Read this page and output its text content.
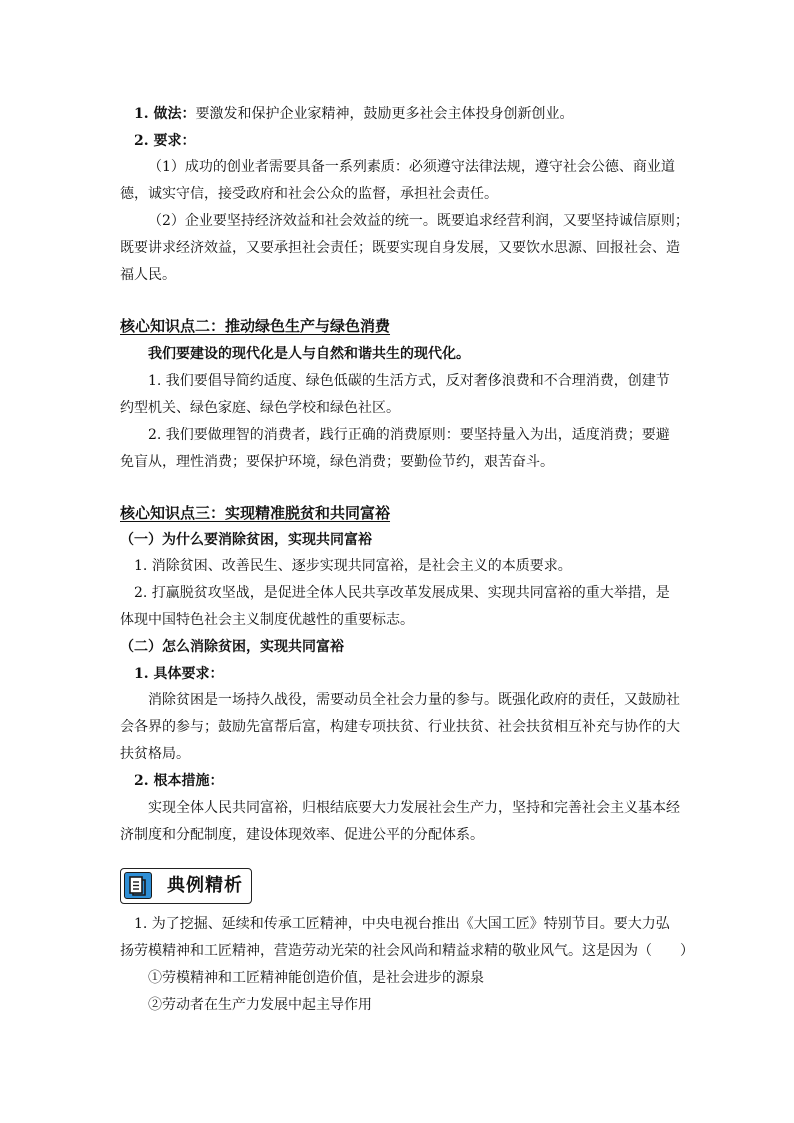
1. 做法：要激发和保护企业家精神，鼓励更多社会主体投身创新创业。
2. 要求：
（1）成功的创业者需要具备一系列素质：必须遵守法律法规，遵守社会公德、商业道
德，诚实守信，接受政府和社会公众的监督，承担社会责任。
（2）企业要坚持经济效益和社会效益的统一。既要追求经营利润，又要坚持诚信原则；
既要讲求经济效益，又要承担社会责任；既要实现自身发展，又要饮水思源、回报社会、造
福人民。
核心知识点二：推动绿色生产与绿色消费
我们要建设的现代化是人与自然和谐共生的现代化。
1. 我们要倡导简约适度、绿色低碳的生活方式，反对奢侈浪费和不合理消费，创建节
约型机关、绿色家庭、绿色学校和绿色社区。
2. 我们要做理智的消费者，践行正确的消费原则：要坚持量入为出，适度消费；要避
免盲从，理性消费；要保护环境，绿色消费；要勤俭节约，艰苦奋斗。
核心知识点三：实现精准脱贫和共同富裕
（一）为什么要消除贫困，实现共同富裕
1. 消除贫困、改善民生、逐步实现共同富裕，是社会主义的本质要求。
2. 打赢脱贫攻坚战，是促进全体人民共享改革发展成果、实现共同富裕的重大举措，是
体现中国特色社会主义制度优越性的重要标志。
（二）怎么消除贫困，实现共同富裕
1. 具体要求：
消除贫困是一场持久战役，需要动员全社会力量的参与。既强化政府的责任，又鼓励社
会各界的参与；鼓励先富帮后富，构建专项扶贫、行业扶贫、社会扶贫相互补充与协作的大
扶贫格局。
2. 根本措施：
实现全体人民共同富裕，归根结底要大力发展社会生产力，坚持和完善社会主义基本经
济制度和分配制度，建设体现效率、促进公平的分配体系。
典例精析
1. 为了挖掘、延续和传承工匠精神，中央电视台推出《大国工匠》特别节目。要大力弘
扬劳模精神和工匠精神，营造劳动光荣的社会风尚和精益求精的敬业风气。这是因为（　　）
①劳模精神和工匠精神能创造价值，是社会进步的源泉
②劳动者在生产力发展中起主导作用
